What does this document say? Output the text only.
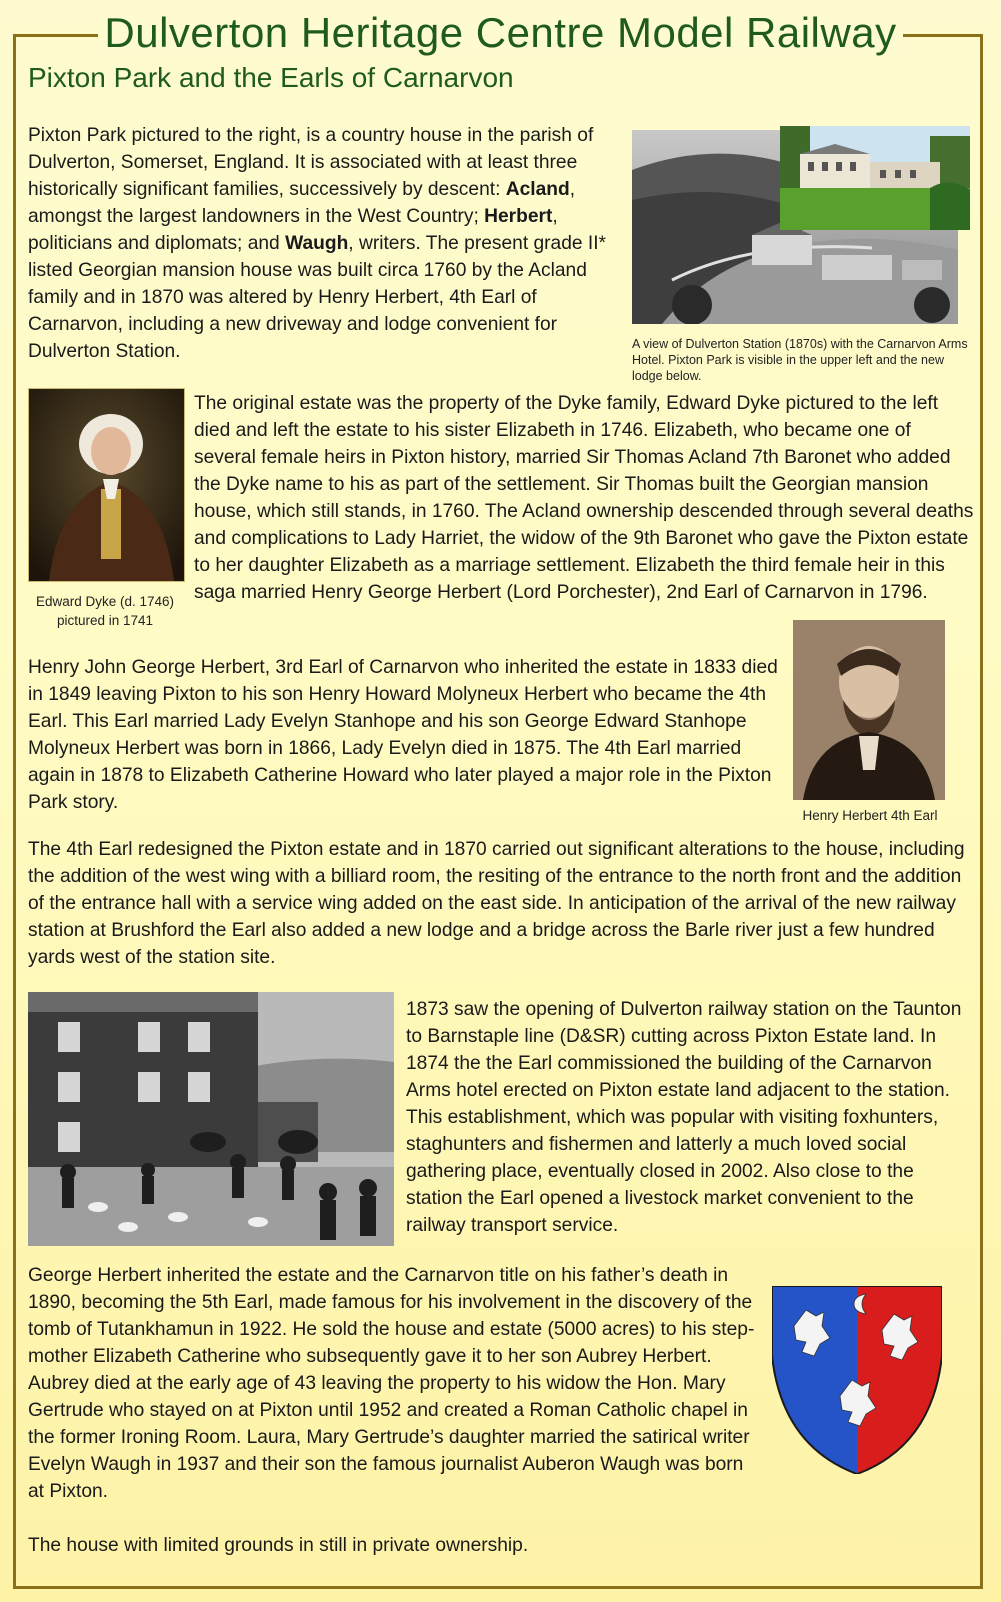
Dulverton Heritage Centre Model Railway
Pixton Park and the Earls of Carnarvon
Pixton Park pictured to the right, is a country house in the parish of Dulverton, Somerset, England. It is associated with at least three historically significant families, successively by descent: Acland, amongst the largest landowners in the West Country; Herbert, politicians and diplomats; and Waugh, writers. The present grade II* listed Georgian mansion house was built circa 1760 by the Acland family and in 1870 was altered by Henry Herbert, 4th Earl of Carnarvon, including a new driveway and lodge convenient for Dulverton Station.	A view of Dulverton Station (1870s) with the Carnarvon Arms Hotel. Pixton Park is visible in the upper left and the new lodge below.
Edward Dyke (d. 1746)
pictured in 1741
The original estate was the property of the Dyke family, Edward Dyke pictured to the left died and left the estate to his sister Elizabeth in 1746. Elizabeth, who became one of several female heirs in Pixton history, married Sir Thomas Acland 7th Baronet who added the Dyke name to his as part of the settlement. Sir Thomas built the Georgian mansion house, which still stands, in 1760. The Acland ownership descended through several deaths and complications to Lady Harriet, the widow of the 9th Baronet who gave the Pixton estate to her daughter Elizabeth as a marriage settlement. Elizabeth the third female heir in this saga married Henry George Herbert (Lord Porchester), 2nd Earl of Carnarvon in 1796.
Henry Herbert 4th Earl
Henry John George Herbert, 3rd Earl of Carnarvon who inherited the estate in 1833 died in 1849 leaving Pixton to his son Henry Howard Molyneux Herbert who became the 4th Earl. This Earl married Lady Evelyn Stanhope and his son George Edward Stanhope Molyneux Herbert was born in 1866, Lady Evelyn died in 1875. The 4th Earl married again in 1878 to Elizabeth Catherine Howard who later played a major role in the Pixton Park story.
The 4th Earl redesigned the Pixton estate and in 1870 carried out significant alterations to the house, including the addition of the west wing with a billiard room, the resiting of the entrance to the north front and the addition of the entrance hall with a service wing added on the east side. In anticipation of the arrival of the new railway station at Brushford the Earl also added a new lodge and a bridge across the Barle river just a few hundred yards west of the station site.
1873 saw the opening of Dulverton railway station on the Taunton to Barnstaple line (D&SR) cutting across Pixton Estate land. In 1874 the the Earl commissioned the building of the Carnarvon Arms hotel erected on Pixton estate land adjacent to the station. This establishment, which was popular with visiting foxhunters, staghunters and fishermen and latterly a much loved social gathering place, eventually closed in 2002. Also close to the station the Earl opened a livestock market convenient to the railway transport service.
George Herbert inherited the estate and the Carnarvon title on his father’s death in 1890, becoming the 5th Earl, made famous for his involvement in the discovery of the tomb of Tutankhamun in 1922. He sold the house and estate (5000 acres) to his step-mother Elizabeth Catherine who subsequently gave it to her son Aubrey Herbert. Aubrey died at the early age of 43 leaving the property to his widow the Hon. Mary Gertrude who stayed on at Pixton until 1952 and created a Roman Catholic chapel in the former Ironing Room. Laura, Mary Gertrude’s daughter married the satirical writer Evelyn Waugh in 1937 and their son the famous journalist Auberon Waugh was born at Pixton.
The house with limited grounds in still in private ownership.
